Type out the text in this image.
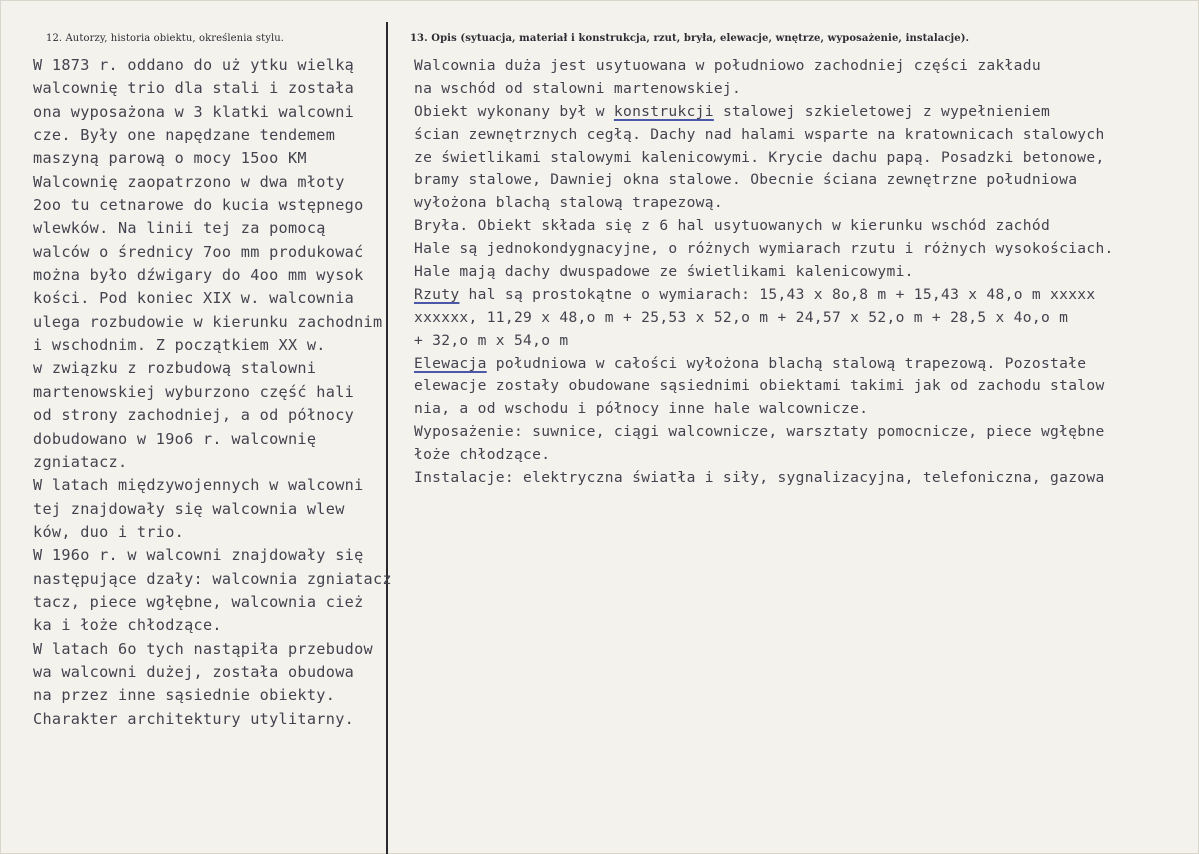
12. Autorzy, historia obiektu, określenia stylu.	13. Opis (sytuacja, materiał i konstrukcja, rzut, bryła, elewacje, wnętrze, wyposażenie, instalacje).
W 1873 r. oddano do uż ytku wielką
walcownię trio dla stali i została
ona wyposażona w 3 klatki walcowni
cze. Były one napędzane tendemem
maszyną parową o mocy 15oo KM
Walcownię zaopatrzono w dwa młoty
2oo tu cetnarowe do kucia wstępnego
wlewków. Na linii tej za pomocą
walców o średnicy 7oo mm produkować
można było dźwigary do 4oo mm wysok
kości. Pod koniec XIX w. walcownia
ulega rozbudowie w kierunku zachodnim
i wschodnim. Z początkiem XX w.
w związku z rozbudową stalowni
martenowskiej wyburzono część hali
od strony zachodniej, a od północy
dobudowano w 19o6 r. walcownię
zgniatacz.
W latach międzywojennych w walcowni
tej znajdowały się walcownia wlew
ków, duo i trio.
W 196o r. w walcowni znajdowały się
następujące dzały: walcownia zgniatacz
tacz, piece wgłębne, walcownia cież
ka i łoże chłodzące.
W latach 6o tych nastąpiła przebudow
wa walcowni dużej, została obudowa
na przez inne sąsiednie obiekty.
Charakter architektury utylitarny.
Walcownia duża jest usytuowana w południowo zachodniej części zakładu
na wschód od stalowni martenowskiej.
Obiekt wykonany był w konstrukcji stalowej szkieletowej z wypełnieniem
ścian zewnętrznych cegłą. Dachy nad halami wsparte na kratownicach stalowych
ze świetlikami stalowymi kalenicowymi. Krycie dachu papą. Posadzki betonowe,
bramy stalowe, Dawniej okna stalowe. Obecnie ściana zewnętrzne południowa
wyłożona blachą stalową trapezową.
Bryła. Obiekt składa się z 6 hal usytuowanych w kierunku wschód zachód
Hale są jednokondygnacyjne, o różnych wymiarach rzutu i różnych wysokościach.
Hale mają dachy dwuspadowe ze świetlikami kalenicowymi.
Rzuty hal są prostokątne o wymiarach: 15,43 x 8o,8 m + 15,43 x 48,o m xxxxx
xxxxxx, 11,29 x 48,o m + 25,53 x 52,o m + 24,57 x 52,o m + 28,5 x 4o,o m
+ 32,o m x 54,o m
Elewacja południowa w całości wyłożona blachą stalową trapezową. Pozostałe
elewacje zostały obudowane sąsiednimi obiektami takimi jak od zachodu stalow
nia, a od wschodu i północy inne hale walcownicze.
Wyposażenie: suwnice, ciągi walcownicze, warsztaty pomocnicze, piece wgłębne
łoże chłodzące.
Instalacje: elektryczna światła i siły, sygnalizacyjna, telefoniczna, gazowa
